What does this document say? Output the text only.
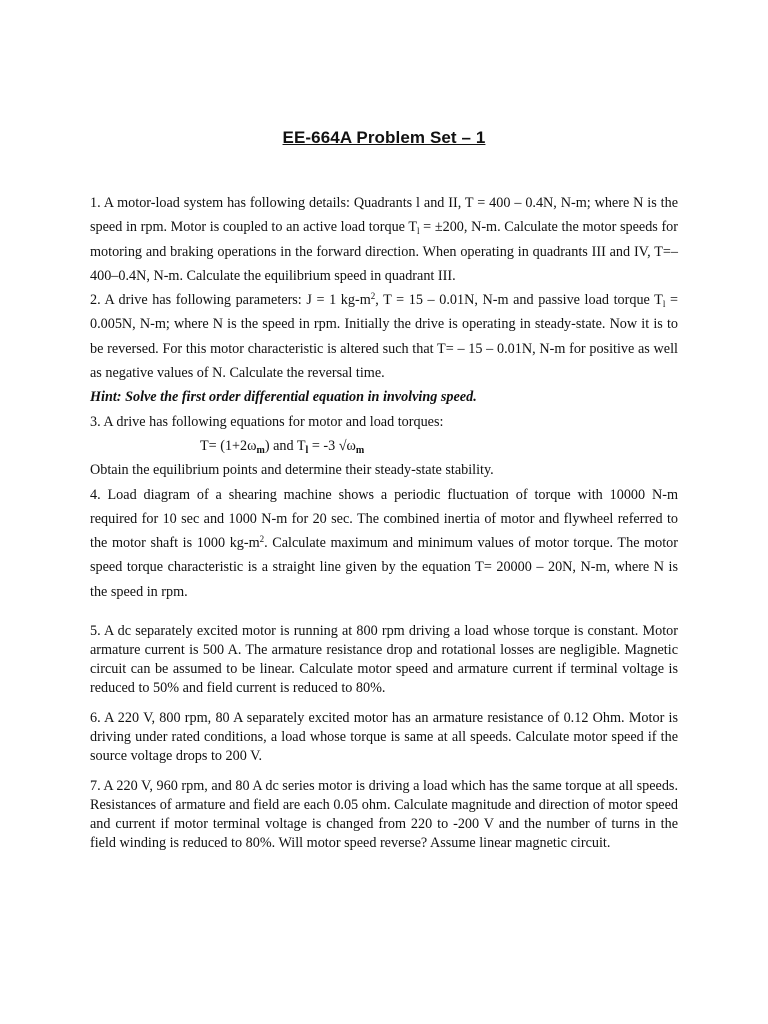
EE-664A Problem Set – 1

1. A motor-load system has following details: Quadrants l and II, T = 400 – 0.4N, N-m; where N is the speed in rpm. Motor is coupled to an active load torque $T_l = \pm 200$, N-m. Calculate the motor speeds for motoring and braking operations in the forward direction. When operating in quadrants III and IV, T=–400–0.4N, N-m. Calculate the equilibrium speed in quadrant III.

2. A drive has following parameters: J = 1 $kg-m^2$, T = 15 – 0.01N, N-m and passive load torque $T_l = 0.005N$, N-m; where N is the speed in rpm. Initially the drive is operating in steady-state. Now it is to be reversed. For this motor characteristic is altered such that T= – 15 – 0.01N, N-m for positive as well as negative values of N. Calculate the reversal time.

Hint: Solve the first order differential equation in involving speed.

3. A drive has following equations for motor and load torques:

$T= (1+2\omega_m)$ and $T_l = -3$ $√\omega_m$

Obtain the equilibrium points and determine their steady-state stability.

4. Load diagram of a shearing machine shows a periodic fluctuation of torque with 10000 N-m required for 10 sec and 1000 N-m for 20 sec. The combined inertia of motor and flywheel referred to the motor shaft is 1000 $kg-m^2$. Calculate maximum and minimum values of motor torque. The motor speed torque characteristic is a straight line given by the equation T= 20000 – 20N, N-m, where N is the speed in rpm.

5. A dc separately excited motor is running at 800 rpm driving a load whose torque is constant. Motor armature current is 500 A. The armature resistance drop and rotational losses are negligible. Magnetic circuit can be assumed to be linear. Calculate motor speed and armature current if terminal voltage is reduced to 50% and field current is reduced to 80%.
6. A 220 V, 800 rpm, 80 A separately excited motor has an armature resistance of 0.12 Ohm. Motor is driving under rated conditions, a load whose torque is same at all speeds. Calculate motor speed if the source voltage drops to 200 V.
7. A 220 V, 960 rpm, and 80 A dc series motor is driving a load which has the same torque at all speeds. Resistances of armature and field are each 0.05 ohm. Calculate magnitude and direction of motor speed and current if motor terminal voltage is changed from 220 to -200 V and the number of turns in the field winding is reduced to 80%. Will motor speed reverse? Assume linear magnetic circuit.
